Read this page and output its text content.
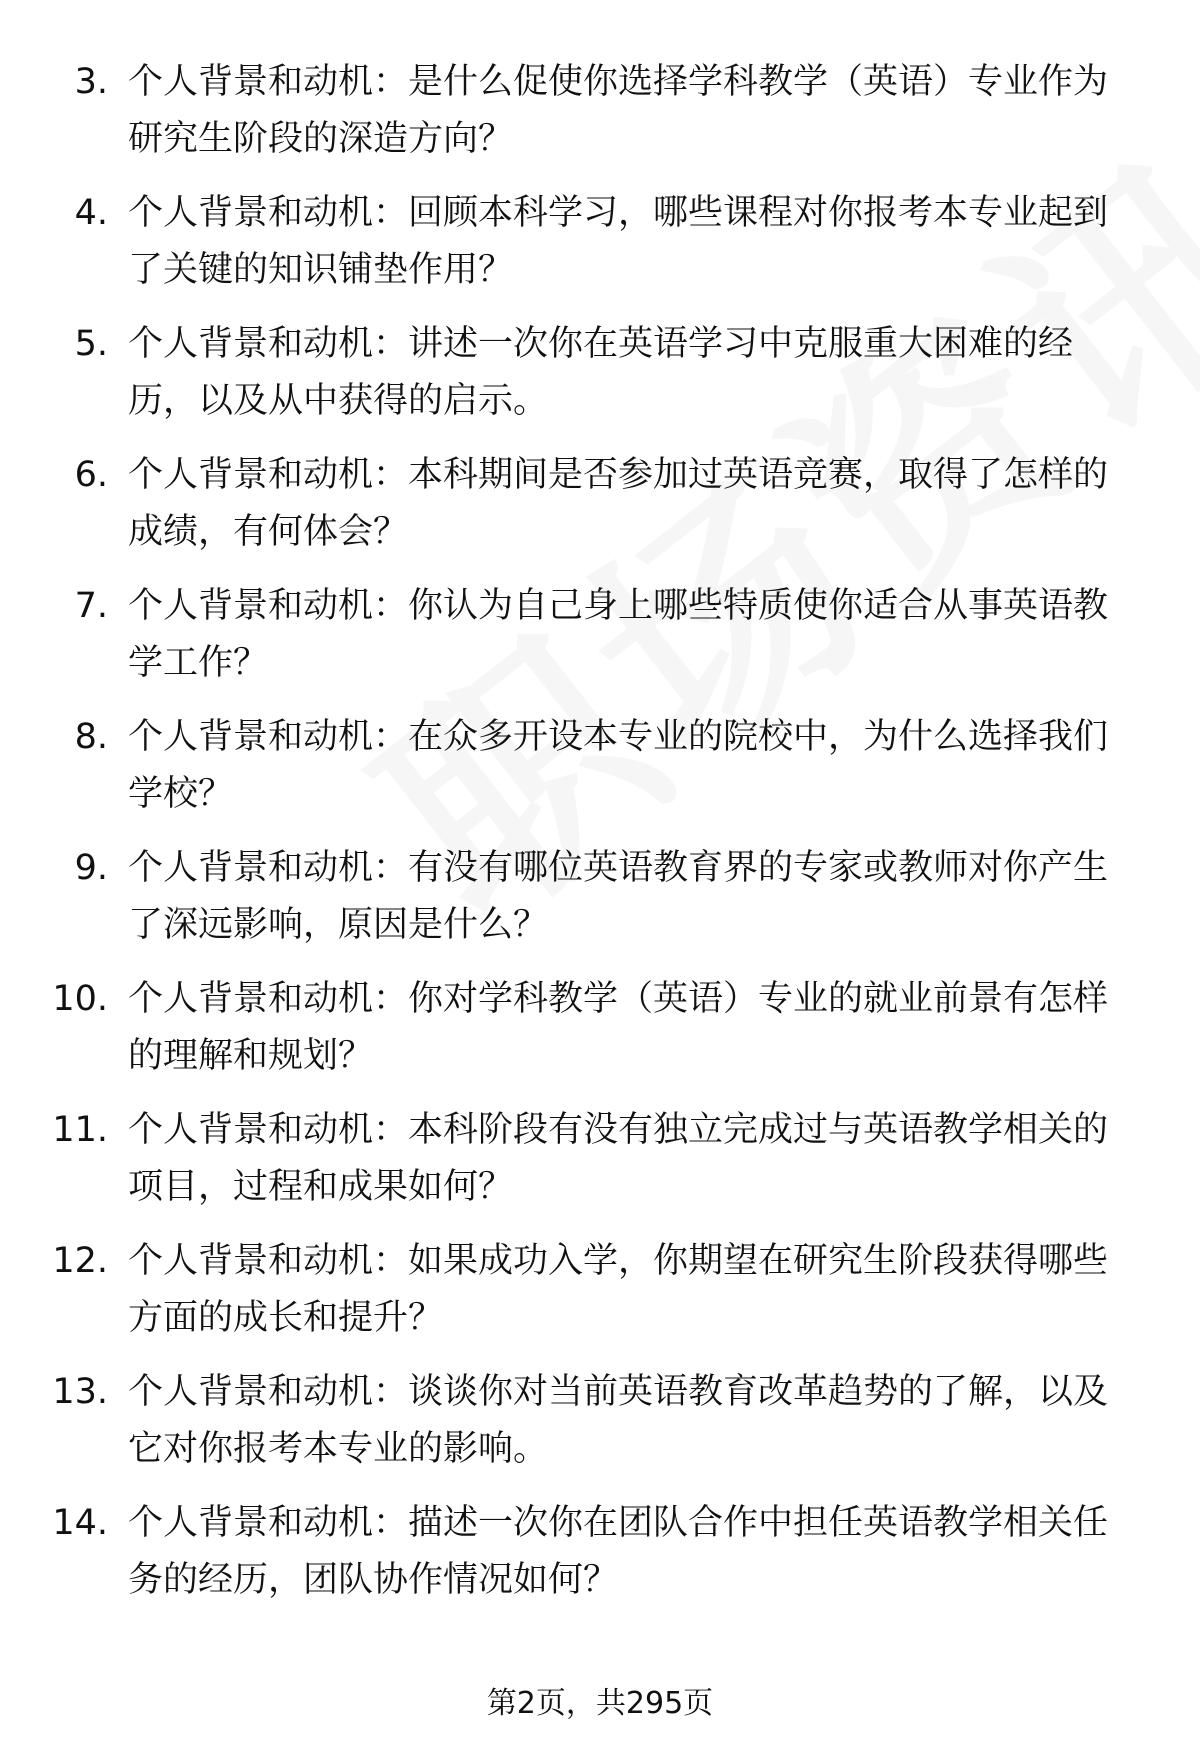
3. 个人背景和动机：是什么促使你选择学科教学（英语）专业作为研究生阶段的深造方向？
4. 个人背景和动机：回顾本科学习，哪些课程对你报考本专业起到了关键的知识铺垫作用？
5. 个人背景和动机：讲述一次你在英语学习中克服重大困难的经历，以及从中获得的启示。
6. 个人背景和动机：本科期间是否参加过英语竞赛，取得了怎样的成绩，有何体会？
7. 个人背景和动机：你认为自己身上哪些特质使你适合从事英语教学工作？
8. 个人背景和动机：在众多开设本专业的院校中，为什么选择我们学校？
9. 个人背景和动机：有没有哪位英语教育界的专家或教师对你产生了深远影响，原因是什么？
10. 个人背景和动机：你对学科教学（英语）专业的就业前景有怎样的理解和规划？
11. 个人背景和动机：本科阶段有没有独立完成过与英语教学相关的项目，过程和成果如何？
12. 个人背景和动机：如果成功入学，你期望在研究生阶段获得哪些方面的成长和提升？
13. 个人背景和动机：谈谈你对当前英语教育改革趋势的了解，以及它对你报考本专业的影响。
14. 个人背景和动机：描述一次你在团队合作中担任英语教学相关任务的经历，团队协作情况如何？
第2页，共295页
